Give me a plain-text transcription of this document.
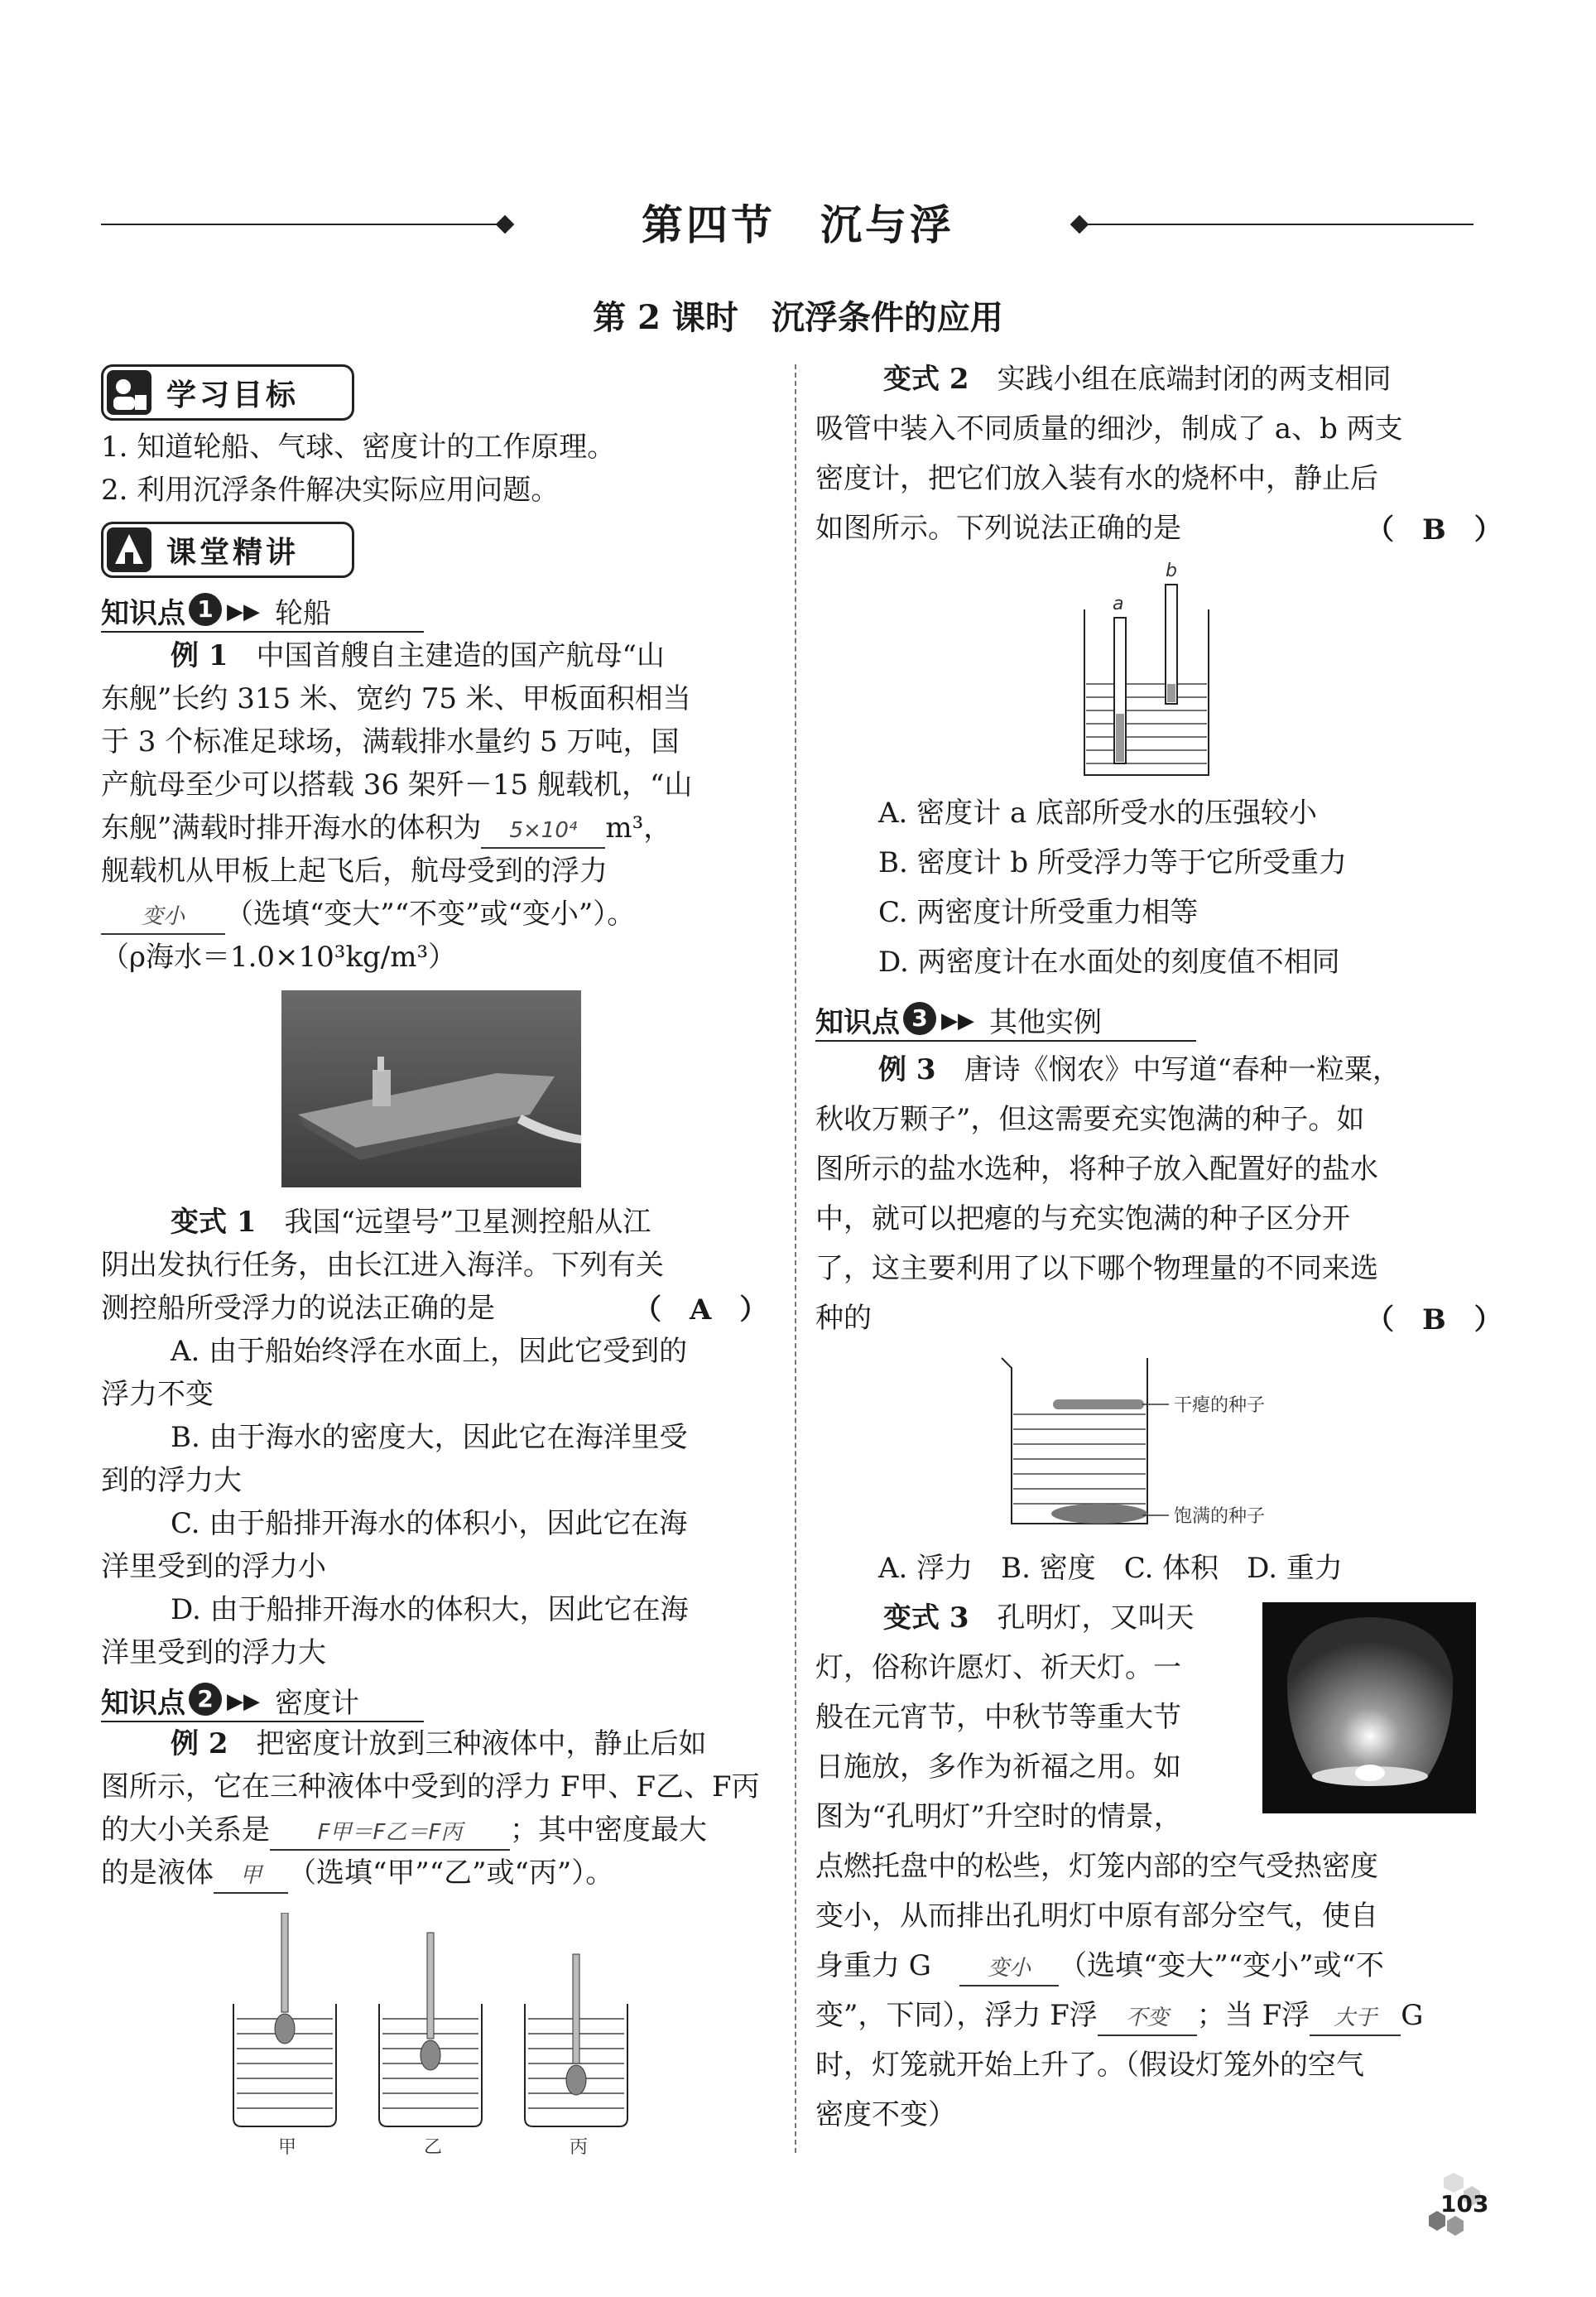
第四节　沉与浮
第 2 课时　沉浮条件的应用
学习目标
1. 知道轮船、气球、密度计的工作原理。
2. 利用沉浮条件解决实际应用问题。
课堂精讲
知识点 1 ▶▶ 轮船
例 1　 中国首艘自主建造的国产航母“山
东舰”长约 315 米、宽约 75 米、甲板面积相当
于 3 个标准足球场，满载排水量约 5 万吨，国
产航母至少可以搭载 36 架歼－15 舰载机，“山
东舰”满载时排开海水的体积为 5×10⁴ m³，
舰载机从甲板上起飞后，航母受到的浮力
变小 （选填“变大”“不变”或“变小”）。
（ρ海水＝1.0×10³kg/m³）
变式 1　 我国“远望号”卫星测控船从江
阴出发执行任务，由长江进入海洋。下列有关
测控船所受浮力的说法正确的是	（　A　）
A. 由于船始终浮在水面上，因此它受到的
浮力不变
B. 由于海水的密度大，因此它在海洋里受
到的浮力大
C. 由于船排开海水的体积小，因此它在海
洋里受到的浮力小
D. 由于船排开海水的体积大，因此它在海
洋里受到的浮力大
知识点 2 ▶▶ 密度计
例 2　 把密度计放到三种液体中，静止后如
图所示，它在三种液体中受到的浮力 F甲、F乙、F丙
的大小关系是 F甲＝F乙＝F丙 ；其中密度最大
的是液体 甲 （选填“甲”“乙”或“丙”）。
甲	乙	丙
变式 2　 实践小组在底端封闭的两支相同
吸管中装入不同质量的细沙，制成了 a、b 两支
密度计，把它们放入装有水的烧杯中，静止后
如图所示。下列说法正确的是	（　B　）
a
b
A. 密度计 a 底部所受水的压强较小
B. 密度计 b 所受浮力等于它所受重力
C. 两密度计所受重力相等
D. 两密度计在水面处的刻度值不相同
知识点 3 ▶▶ 其他实例
例 3　 唐诗《悯农》中写道“春种一粒粟，
秋收万颗子”，但这需要充实饱满的种子。如
图所示的盐水选种，将种子放入配置好的盐水
中，就可以把瘪的与充实饱满的种子区分开
了，这主要利用了以下哪个物理量的不同来选
种的	（　B　）
干瘪的种子
饱满的种子
A. 浮力　B. 密度　C. 体积　D. 重力
变式 3　 孔明灯，又叫天
灯，俗称许愿灯、祈天灯。一
般在元宵节，中秋节等重大节
日施放，多作为祈福之用。如
图为“孔明灯”升空时的情景，
点燃托盘中的松些，灯笼内部的空气受热密度
变小，从而排出孔明灯中原有部分空气，使自
身重力 G　	变小 （选填“变大”“变小”或“不
变”，下同），浮力 F浮 不变 ；当 F浮 大于 G
时，灯笼就开始上升了。（假设灯笼外的空气
密度不变）
103
